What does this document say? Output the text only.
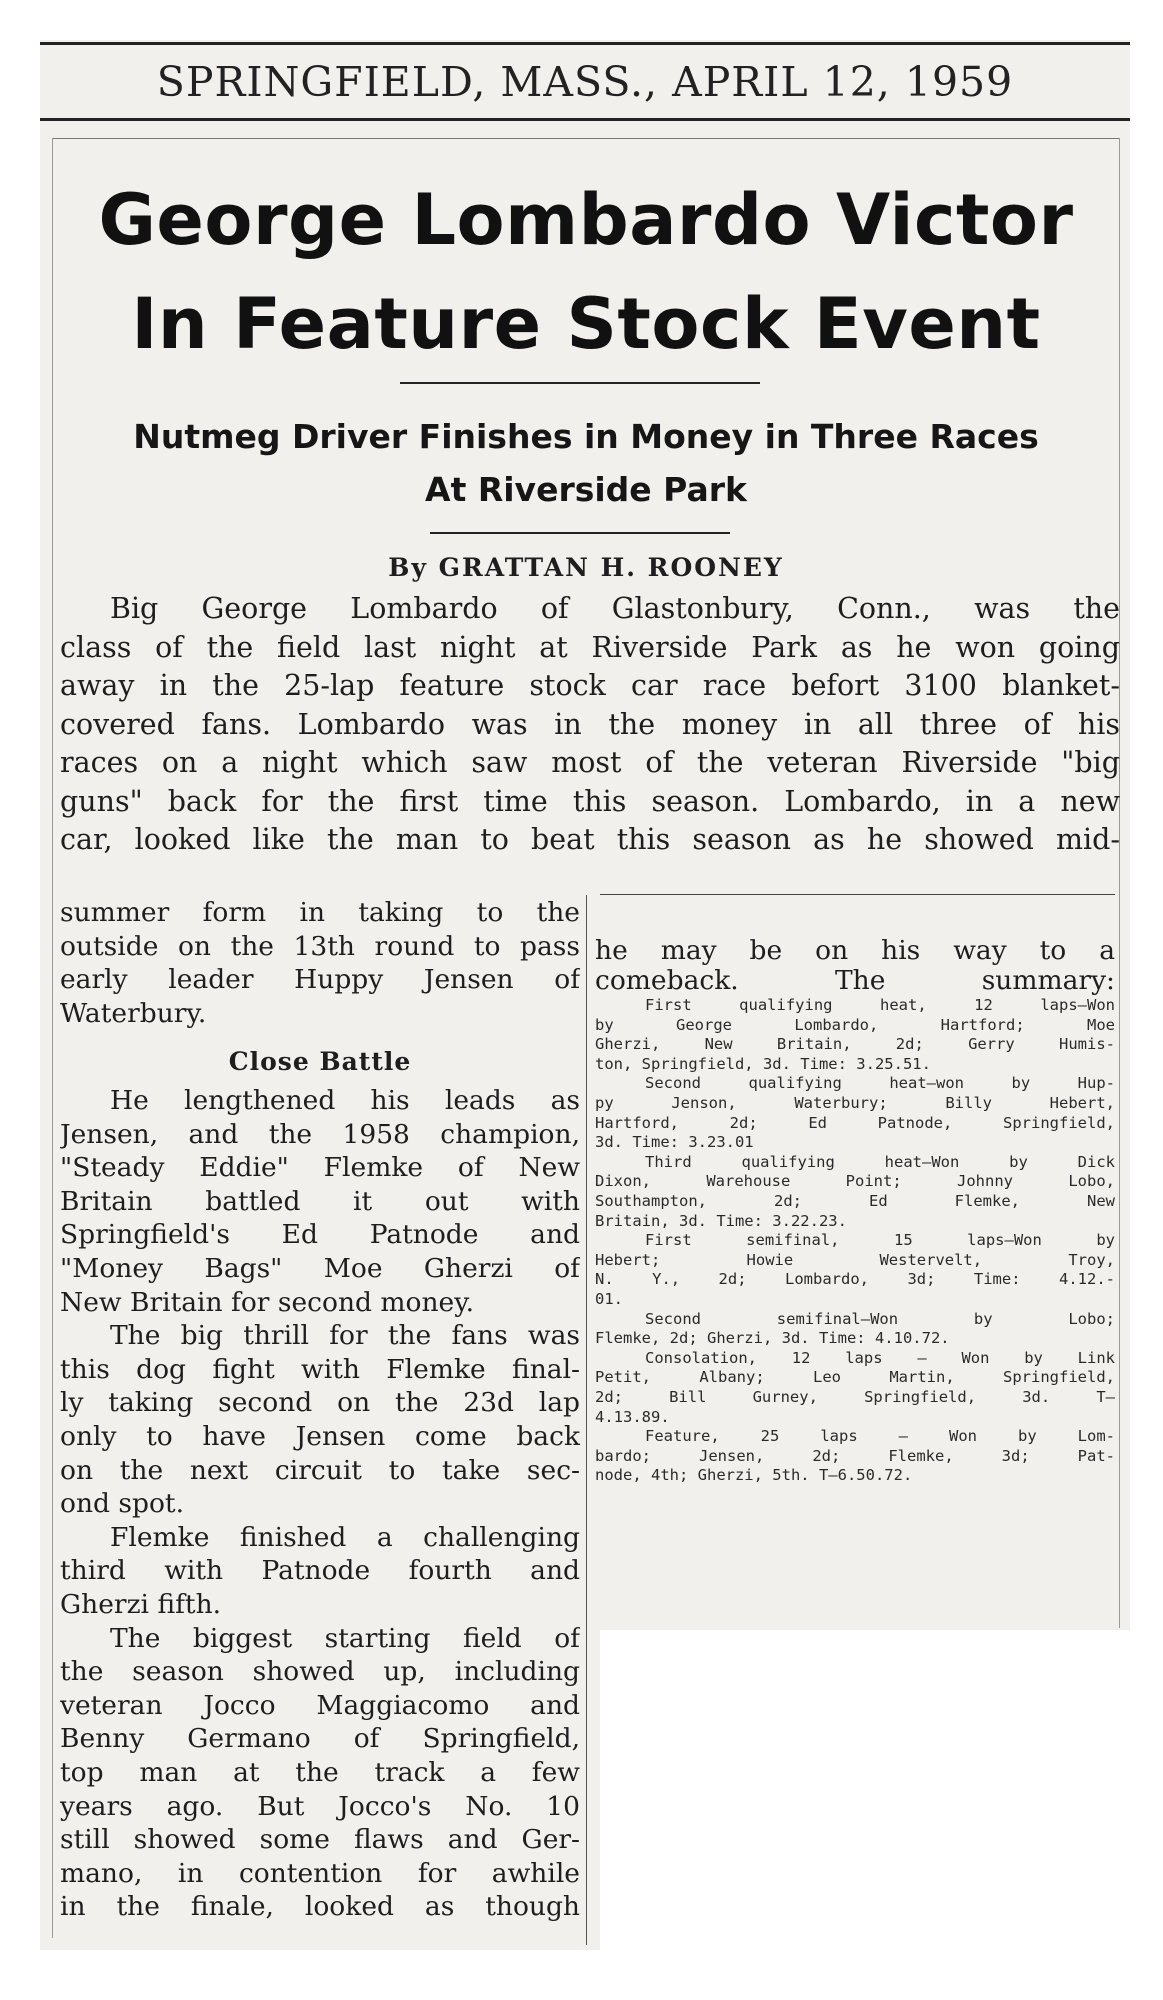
SPRINGFIELD, MASS., APRIL 12, 1959
George Lombardo Victor
In Feature Stock Event
Nutmeg Driver Finishes in Money in Three Races
At Riverside Park
By GRATTAN H. ROONEY
Big George Lombardo of Glastonbury, Conn., was the
class of the field last night at Riverside Park as he won going
away in the 25-lap feature stock car race befort 3100 blanket-
covered fans. Lombardo was in the money in all three of his
races on a night which saw most of the veteran Riverside "big
guns" back for the first time this season. Lombardo, in a new
car, looked like the man to beat this season as he showed mid-
summer form in taking to the
outside on the 13th round to pass
early leader Huppy Jensen of
Waterbury.
Close Battle
He lengthened his leads as
Jensen, and the 1958 champion,
"Steady Eddie" Flemke of New
Britain battled it out with
Springfield's Ed Patnode and
"Money Bags" Moe Gherzi of
New Britain for second money.
The big thrill for the fans was
this dog fight with Flemke final-
ly taking second on the 23d lap
only to have Jensen come back
on the next circuit to take sec-
ond spot.
Flemke finished a challenging
third with Patnode fourth and
Gherzi fifth.
The biggest starting field of
the season showed up, including
veteran Jocco Maggiacomo and
Benny Germano of Springfield,
top man at the track a few
years ago. But Jocco's No. 10
still showed some flaws and Ger-
mano, in contention for awhile
in the finale, looked as though
he may be on his way to a
comeback. The summary:
First qualifying heat, 12 laps—Won
by George Lombardo, Hartford; Moe
Gherzi, New Britain, 2d; Gerry Humis-
ton, Springfield, 3d. Time: 3.25.51.
Second qualifying heat—won by Hup-
py Jenson, Waterbury; Billy Hebert,
Hartford, 2d; Ed Patnode, Springfield,
3d. Time: 3.23.01
Third qualifying heat—Won by Dick
Dixon, Warehouse Point; Johnny Lobo,
Southampton, 2d; Ed Flemke, New
Britain, 3d. Time: 3.22.23.
First semifinal, 15 laps—Won by
Hebert; Howie Westervelt, Troy,
N. Y., 2d; Lombardo, 3d; Time: 4.12.-
01.
Second semifinal—Won by Lobo;
Flemke, 2d; Gherzi, 3d. Time: 4.10.72.
Consolation, 12 laps — Won by Link
Petit, Albany; Leo Martin, Springfield,
2d; Bill Gurney, Springfield, 3d. T—
4.13.89.
Feature, 25 laps — Won by Lom-
bardo; Jensen, 2d; Flemke, 3d; Pat-
node, 4th; Gherzi, 5th. T—6.50.72.
